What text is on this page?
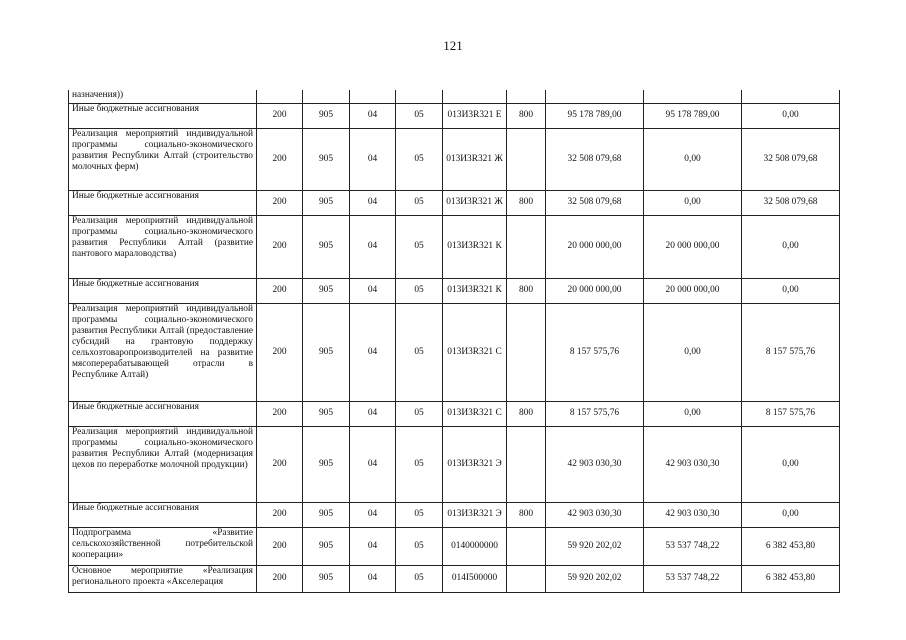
121
назначения))									
Иные бюджетные ассигнования	200	905	04	05	013И3R321 Е	800	95 178 789,00	95 178 789,00	0,00
Реализация мероприятий индивидуальной программы социально-экономического развития Республики Алтай (строительство молочных ферм)	200	905	04	05	013И3R321 Ж		32 508 079,68	0,00	32 508 079,68
Иные бюджетные ассигнования	200	905	04	05	013И3R321 Ж	800	32 508 079,68	0,00	32 508 079,68
Реализация мероприятий индивидуальной программы социально-экономического развития Республики Алтай (развитие пантового мараловодства)	200	905	04	05	013И3R321 К		20 000 000,00	20 000 000,00	0,00
Иные бюджетные ассигнования	200	905	04	05	013И3R321 К	800	20 000 000,00	20 000 000,00	0,00
Реализация мероприятий индивидуальной программы социально-экономического развития Республики Алтай (предоставление субсидий на грантовую поддержку сельхозтоваропроизводителей на развитие мясоперерабатывающей отрасли в Республике Алтай)	200	905	04	05	013И3R321 С		8 157 575,76	0,00	8 157 575,76
Иные бюджетные ассигнования	200	905	04	05	013И3R321 С	800	8 157 575,76	0,00	8 157 575,76
Реализация мероприятий индивидуальной программы социально-экономического развития Республики Алтай (модернизация цехов по переработке молочной продукции)	200	905	04	05	013И3R321 Э		42 903 030,30	42 903 030,30	0,00
Иные бюджетные ассигнования	200	905	04	05	013И3R321 Э	800	42 903 030,30	42 903 030,30	0,00
Подпрограмма «Развитие сельскохозяйственной потребительской кооперации»	200	905	04	05	0140000000		59 920 202,02	53 537 748,22	6 382 453,80
Основное мероприятие «Реализация регионального проекта «Акселерация	200	905	04	05	014I500000		59 920 202,02	53 537 748,22	6 382 453,80
